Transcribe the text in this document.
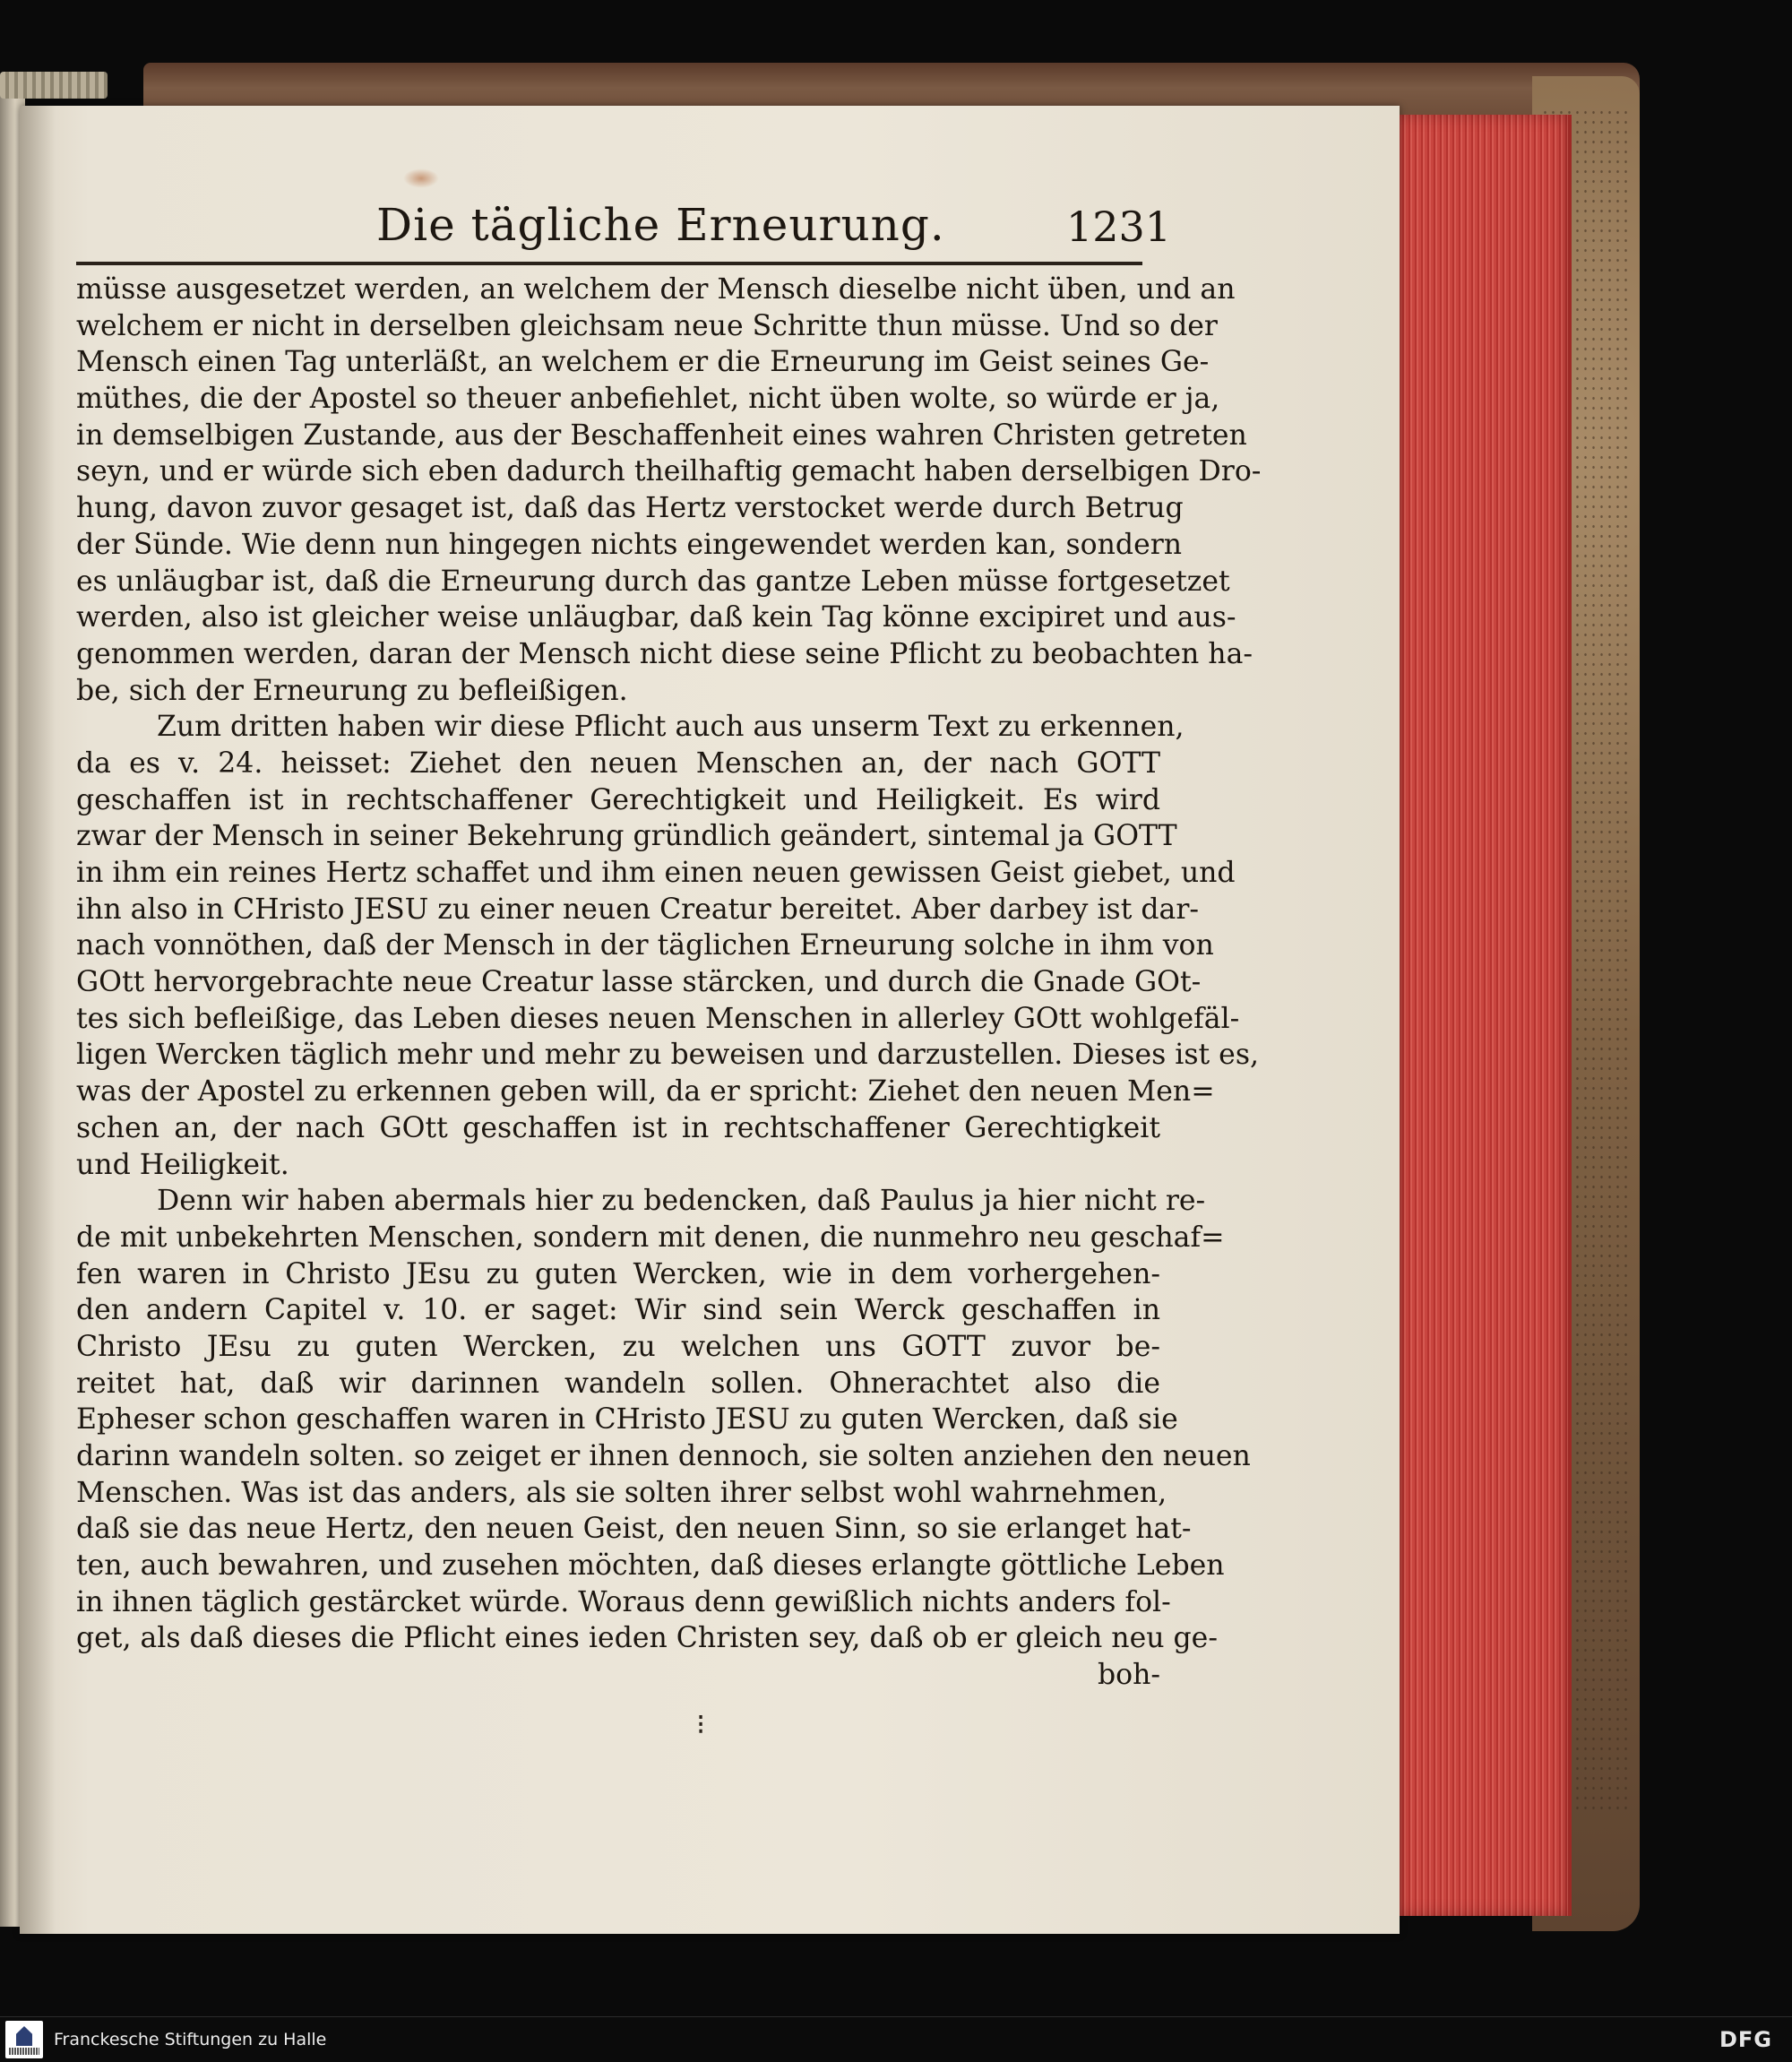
Die tägliche Erneurung.	1231
müsse ausgesetzet werden, an welchem der Mensch dieselbe nicht üben, und an
welchem er nicht in derselben gleichsam neue Schritte thun müsse. Und so der
Mensch einen Tag unterläßt, an welchem er die Erneurung im Geist seines Ge-
müthes, die der Apostel so theuer anbefiehlet, nicht üben wolte, so würde er ja,
in demselbigen Zustande, aus der Beschaffenheit eines wahren Christen getreten
seyn, und er würde sich eben dadurch theilhaftig gemacht haben derselbigen Dro-
hung, davon zuvor gesaget ist, daß das Hertz verstocket werde durch Betrug
der Sünde. Wie denn nun hingegen nichts eingewendet werden kan, sondern
es unläugbar ist, daß die Erneurung durch das gantze Leben müsse fortgesetzet
werden, also ist gleicher weise unläugbar, daß kein Tag könne excipiret und aus-
genommen werden, daran der Mensch nicht diese seine Pflicht zu beobachten ha-
be, sich der Erneurung zu befleißigen.
Zum dritten haben wir diese Pflicht auch aus unserm Text zu erkennen,
da es v. 24. heisset: Ziehet den neuen Menschen an, der nach GOTT
geschaffen ist in rechtschaffener Gerechtigkeit und Heiligkeit. Es wird
zwar der Mensch in seiner Bekehrung gründlich geändert, sintemal ja GOTT
in ihm ein reines Hertz schaffet und ihm einen neuen gewissen Geist giebet, und
ihn also in CHristo JESU zu einer neuen Creatur bereitet. Aber darbey ist dar-
nach vonnöthen, daß der Mensch in der täglichen Erneurung solche in ihm von
GOtt hervorgebrachte neue Creatur lasse stärcken, und durch die Gnade GOt-
tes sich befleißige, das Leben dieses neuen Menschen in allerley GOtt wohlgefäl-
ligen Wercken täglich mehr und mehr zu beweisen und darzustellen. Dieses ist es,
was der Apostel zu erkennen geben will, da er spricht: Ziehet den neuen Men=
schen an, der nach GOtt geschaffen ist in rechtschaffener Gerechtigkeit
und Heiligkeit.
Denn wir haben abermals hier zu bedencken, daß Paulus ja hier nicht re-
de mit unbekehrten Menschen, sondern mit denen, die nunmehro neu geschaf=
fen waren in Christo JEsu zu guten Wercken, wie in dem vorhergehen-
den andern Capitel v. 10. er saget: Wir sind sein Werck geschaffen in
Christo JEsu zu guten Wercken, zu welchen uns GOTT zuvor be-
reitet hat, daß wir darinnen wandeln sollen. Ohnerachtet also die
Epheser schon geschaffen waren in CHristo JESU zu guten Wercken, daß sie
darinn wandeln solten. so zeiget er ihnen dennoch, sie solten anziehen den neuen
Menschen. Was ist das anders, als sie solten ihrer selbst wohl wahrnehmen,
daß sie das neue Hertz, den neuen Geist, den neuen Sinn, so sie erlanget hat-
ten, auch bewahren, und zusehen möchten, daß dieses erlangte göttliche Leben
in ihnen täglich gestärcket würde. Woraus denn gewißlich nichts anders fol-
get, als daß dieses die Pflicht eines ieden Christen sey, daß ob er gleich neu ge-
boh-
⁝
Franckesche Stiftungen zu Halle	DFG
